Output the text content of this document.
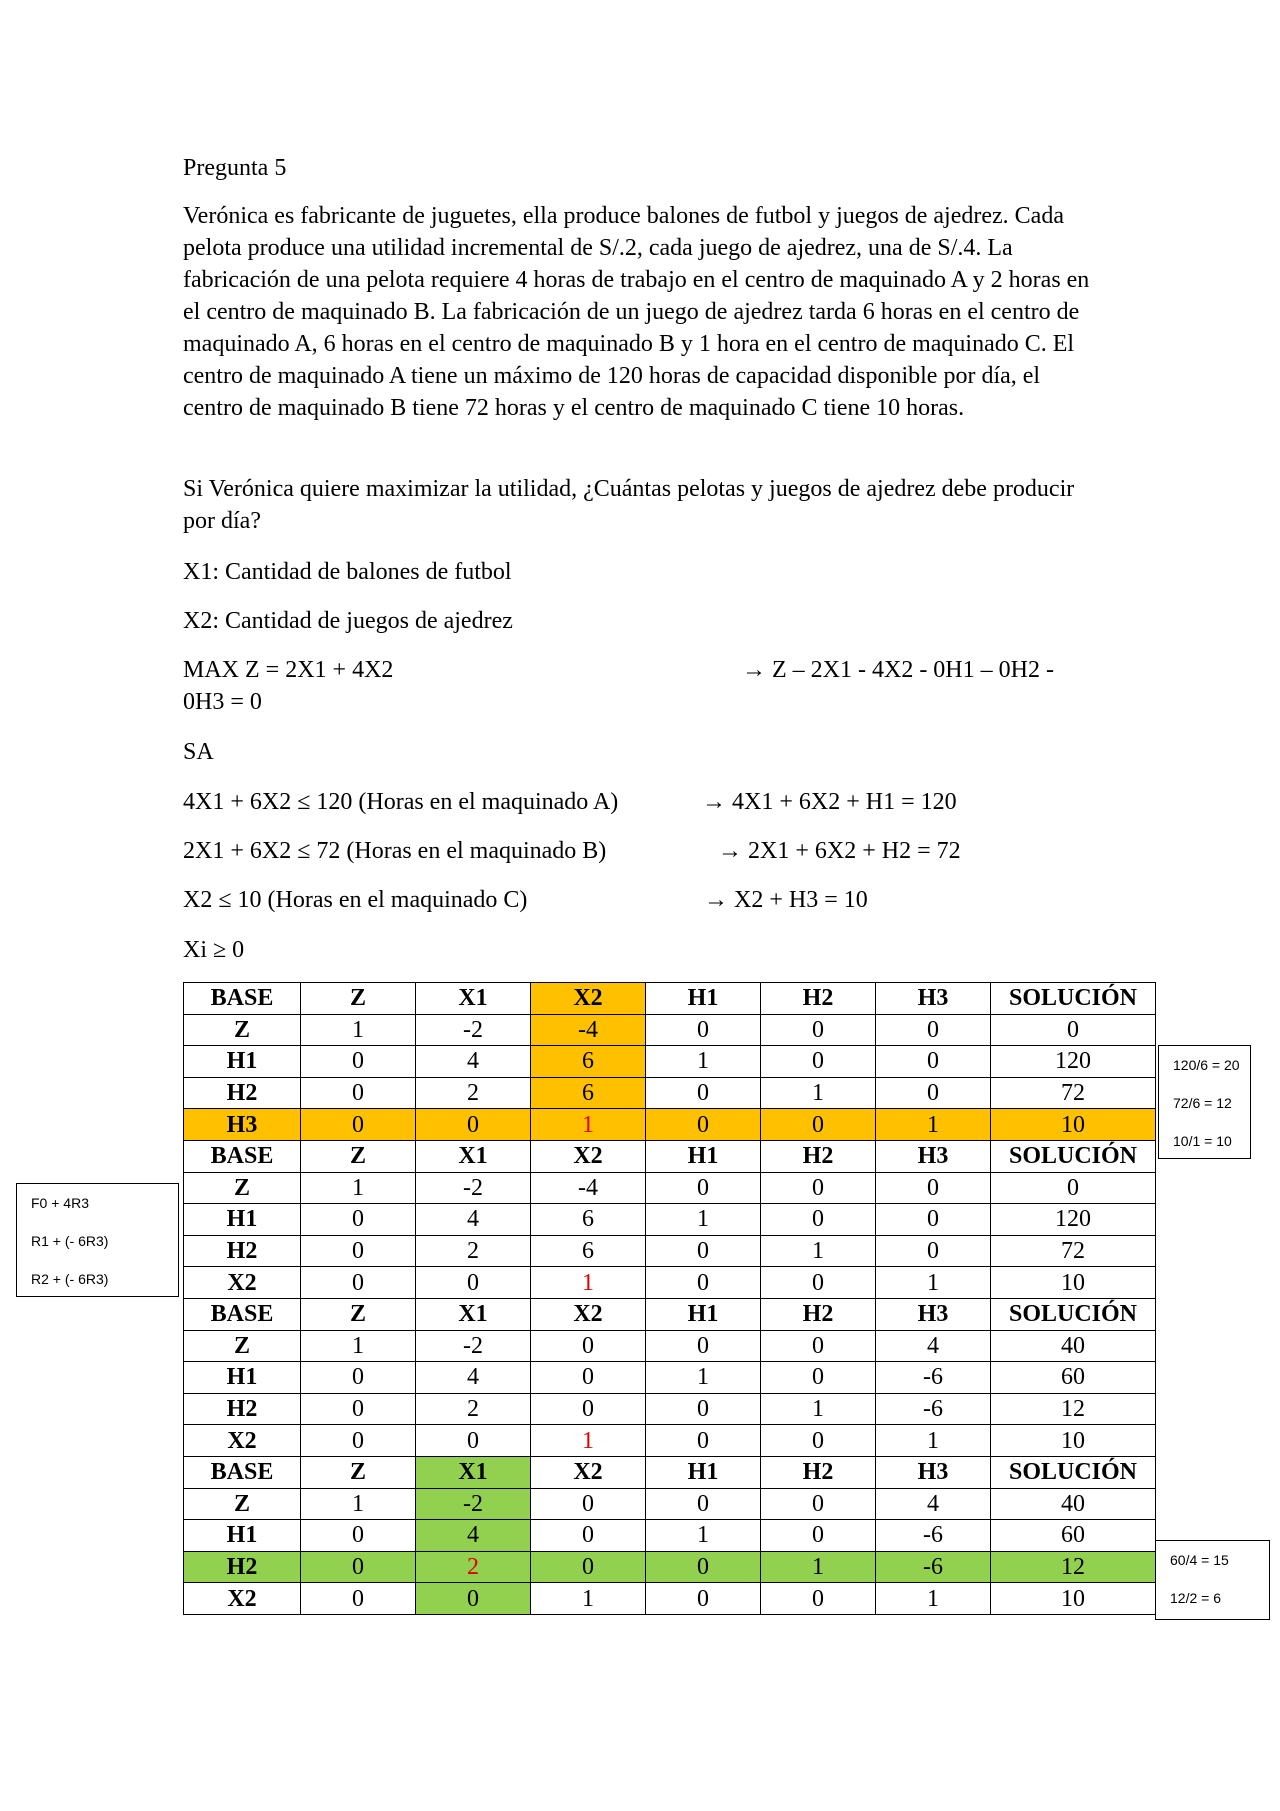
Pregunta 5

Verónica es fabricante de juguetes, ella produce balones de futbol y juegos de ajedrez. Cada pelota produce una utilidad incremental de S/.2, cada juego de ajedrez, una de S/.4. La fabricación de una pelota requiere 4 horas de trabajo en el centro de maquinado A y 2 horas en el centro de maquinado B. La fabricación de un juego de ajedrez tarda 6 horas en el centro de maquinado A, 6 horas en el centro de maquinado B y 1 hora en el centro de maquinado C. El centro de maquinado A tiene un máximo de 120 horas de capacidad disponible por día, el centro de maquinado B tiene 72 horas y el centro de maquinado C tiene 10 horas.

Si Verónica quiere maximizar la utilidad, ¿Cuántas pelotas y juegos de ajedrez debe producir por día?

X1: Cantidad de balones de futbol

X2: Cantidad de juegos de ajedrez

MAX Z = 2X1 + 4X2	→ Z – 2X1 - 4X2 - 0H1 – 0H2 -

0H3 = 0

SA

4X1 + 6X2 ≤ 120 (Horas en el maquinado A)	→ 4X1 + 6X2 + H1 = 120

2X1 + 6X2 ≤ 72 (Horas en el maquinado B)	→ 2X1 + 6X2 + H2 = 72

X2 ≤ 10 (Horas en el maquinado C)	→ X2 + H3 = 10

Xi ≥ 0

BASE	Z	X1	X2	H1	H2	H3	SOLUCIÓN
Z	1	-2	-4	0	0	0	0
H1	0	4	6	1	0	0	120
H2	0	2	6	0	1	0	72
H3	0	0	1	0	0	1	10
BASE	Z	X1	X2	H1	H2	H3	SOLUCIÓN
Z	1	-2	-4	0	0	0	0
H1	0	4	6	1	0	0	120
H2	0	2	6	0	1	0	72
X2	0	0	1	0	0	1	10
BASE	Z	X1	X2	H1	H2	H3	SOLUCIÓN
Z	1	-2	0	0	0	4	40
H1	0	4	0	1	0	-6	60
H2	0	2	0	0	1	-6	12
X2	0	0	1	0	0	1	10
BASE	Z	X1	X2	H1	H2	H3	SOLUCIÓN
Z	1	-2	0	0	0	4	40
H1	0	4	0	1	0	-6	60
H2	0	2	0	0	1	-6	12
X2	0	0	1	0	0	1	10
120/6 = 20
72/6 = 12
10/1 = 10
F0 + 4R3
R1 + (- 6R3)
R2 + (- 6R3)
60/4 = 15
12/2 = 6
